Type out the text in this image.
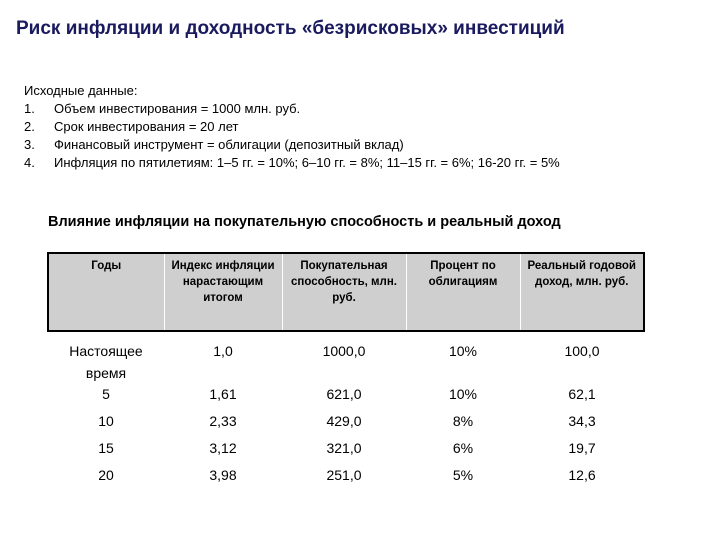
Риск инфляции и доходность «безрисковых» инвестиций
Исходные данные:
1.	Объем инвестирования = 1000 млн. руб.
2.	Срок инвестирования = 20 лет
3.	Финансовый инструмент = облигации (депозитный вклад)
4.	Инфляция по пятилетиям: 1–5 гг. = 10%; 6–10 гг. = 8%; 11–15 гг. = 6%; 16-20 гг. = 5%
Влияние инфляции на покупательную способность и реальный доход
Годы	Индекс инфляции нарастающим итогом	Покупательная способность, млн. руб.	Процент по облигациям	Реальный годовой доход, млн. руб.
Настоящее время	1,0	1000,0	10%	100,0
5	1,61	621,0	10%	62,1
10	2,33	429,0	8%	34,3
15	3,12	321,0	6%	19,7
20	3,98	251,0	5%	12,6
